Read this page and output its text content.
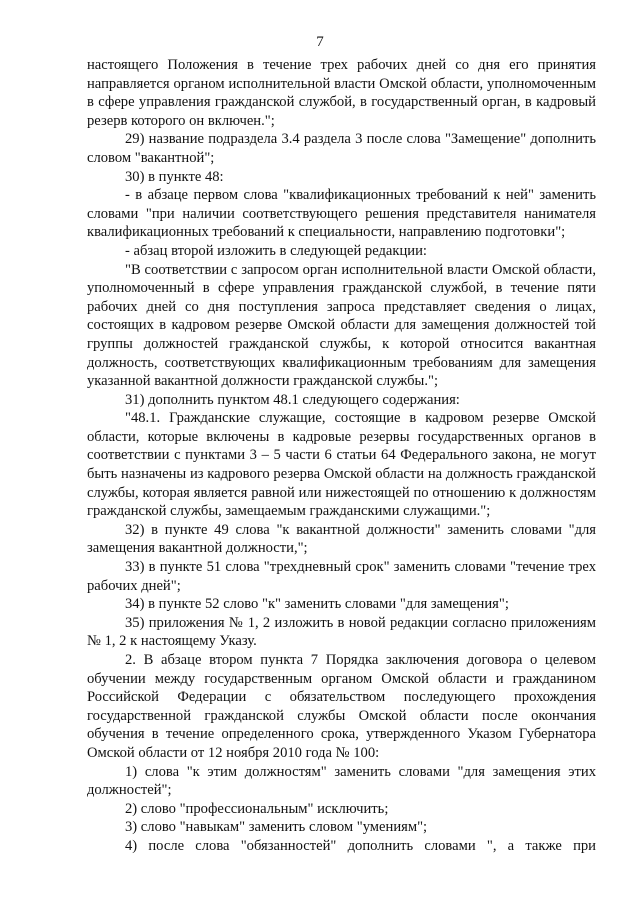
7

настоящего Положения в течение трех рабочих дней со дня его принятия направляется органом исполнительной власти Омской области, уполномоченным в сфере управления гражданской службой, в государственный орган, в кадровый резерв которого он включен.";

29) название подраздела 3.4 раздела 3 после слова "Замещение" дополнить словом "вакантной";

30) в пункте 48:

- в абзаце первом слова "квалификационных требований к ней" заменить словами "при наличии соответствующего решения представителя нанимателя квалификационных требований к специальности, направлению подготовки";

- абзац второй изложить в следующей редакции:

"В соответствии с запросом орган исполнительной власти Омской области, уполномоченный в сфере управления гражданской службой, в течение пяти рабочих дней со дня поступления запроса представляет сведения о лицах, состоящих в кадровом резерве Омской области для замещения должностей той группы должностей гражданской службы, к которой относится вакантная должность, соответствующих квалификационным требованиям для замещения указанной вакантной должности гражданской службы.";

31) дополнить пунктом 48.1 следующего содержания:

"48.1. Гражданские служащие, состоящие в кадровом резерве Омской области, которые включены в кадровые резервы государственных органов в соответствии с пунктами 3 – 5 части 6 статьи 64 Федерального закона, не могут быть назначены из кадрового резерва Омской области на должность гражданской службы, которая является равной или нижестоящей по отношению к должностям гражданской службы, замещаемым гражданскими служащими.";

32) в пункте 49 слова "к вакантной должности" заменить словами "для замещения вакантной должности,";

33) в пункте 51 слова "трехдневный срок" заменить словами "течение трех рабочих дней";

34) в пункте 52 слово "к" заменить словами "для замещения";

35) приложения № 1, 2 изложить в новой редакции согласно приложениям № 1, 2 к настоящему Указу.

2. В абзаце втором пункта 7 Порядка заключения договора о целевом обучении между государственным органом Омской области и гражданином Российской Федерации с обязательством последующего прохождения государственной гражданской службы Омской области после окончания обучения в течение определенного срока, утвержденного Указом Губернатора Омской области от 12 ноября 2010 года № 100:

1) слова "к этим должностям" заменить словами "для замещения этих должностей";

2) слово "профессиональным" исключить;

3) слово "навыкам" заменить словом "умениям";

4) после слова "обязанностей" дополнить словами ", а также при
